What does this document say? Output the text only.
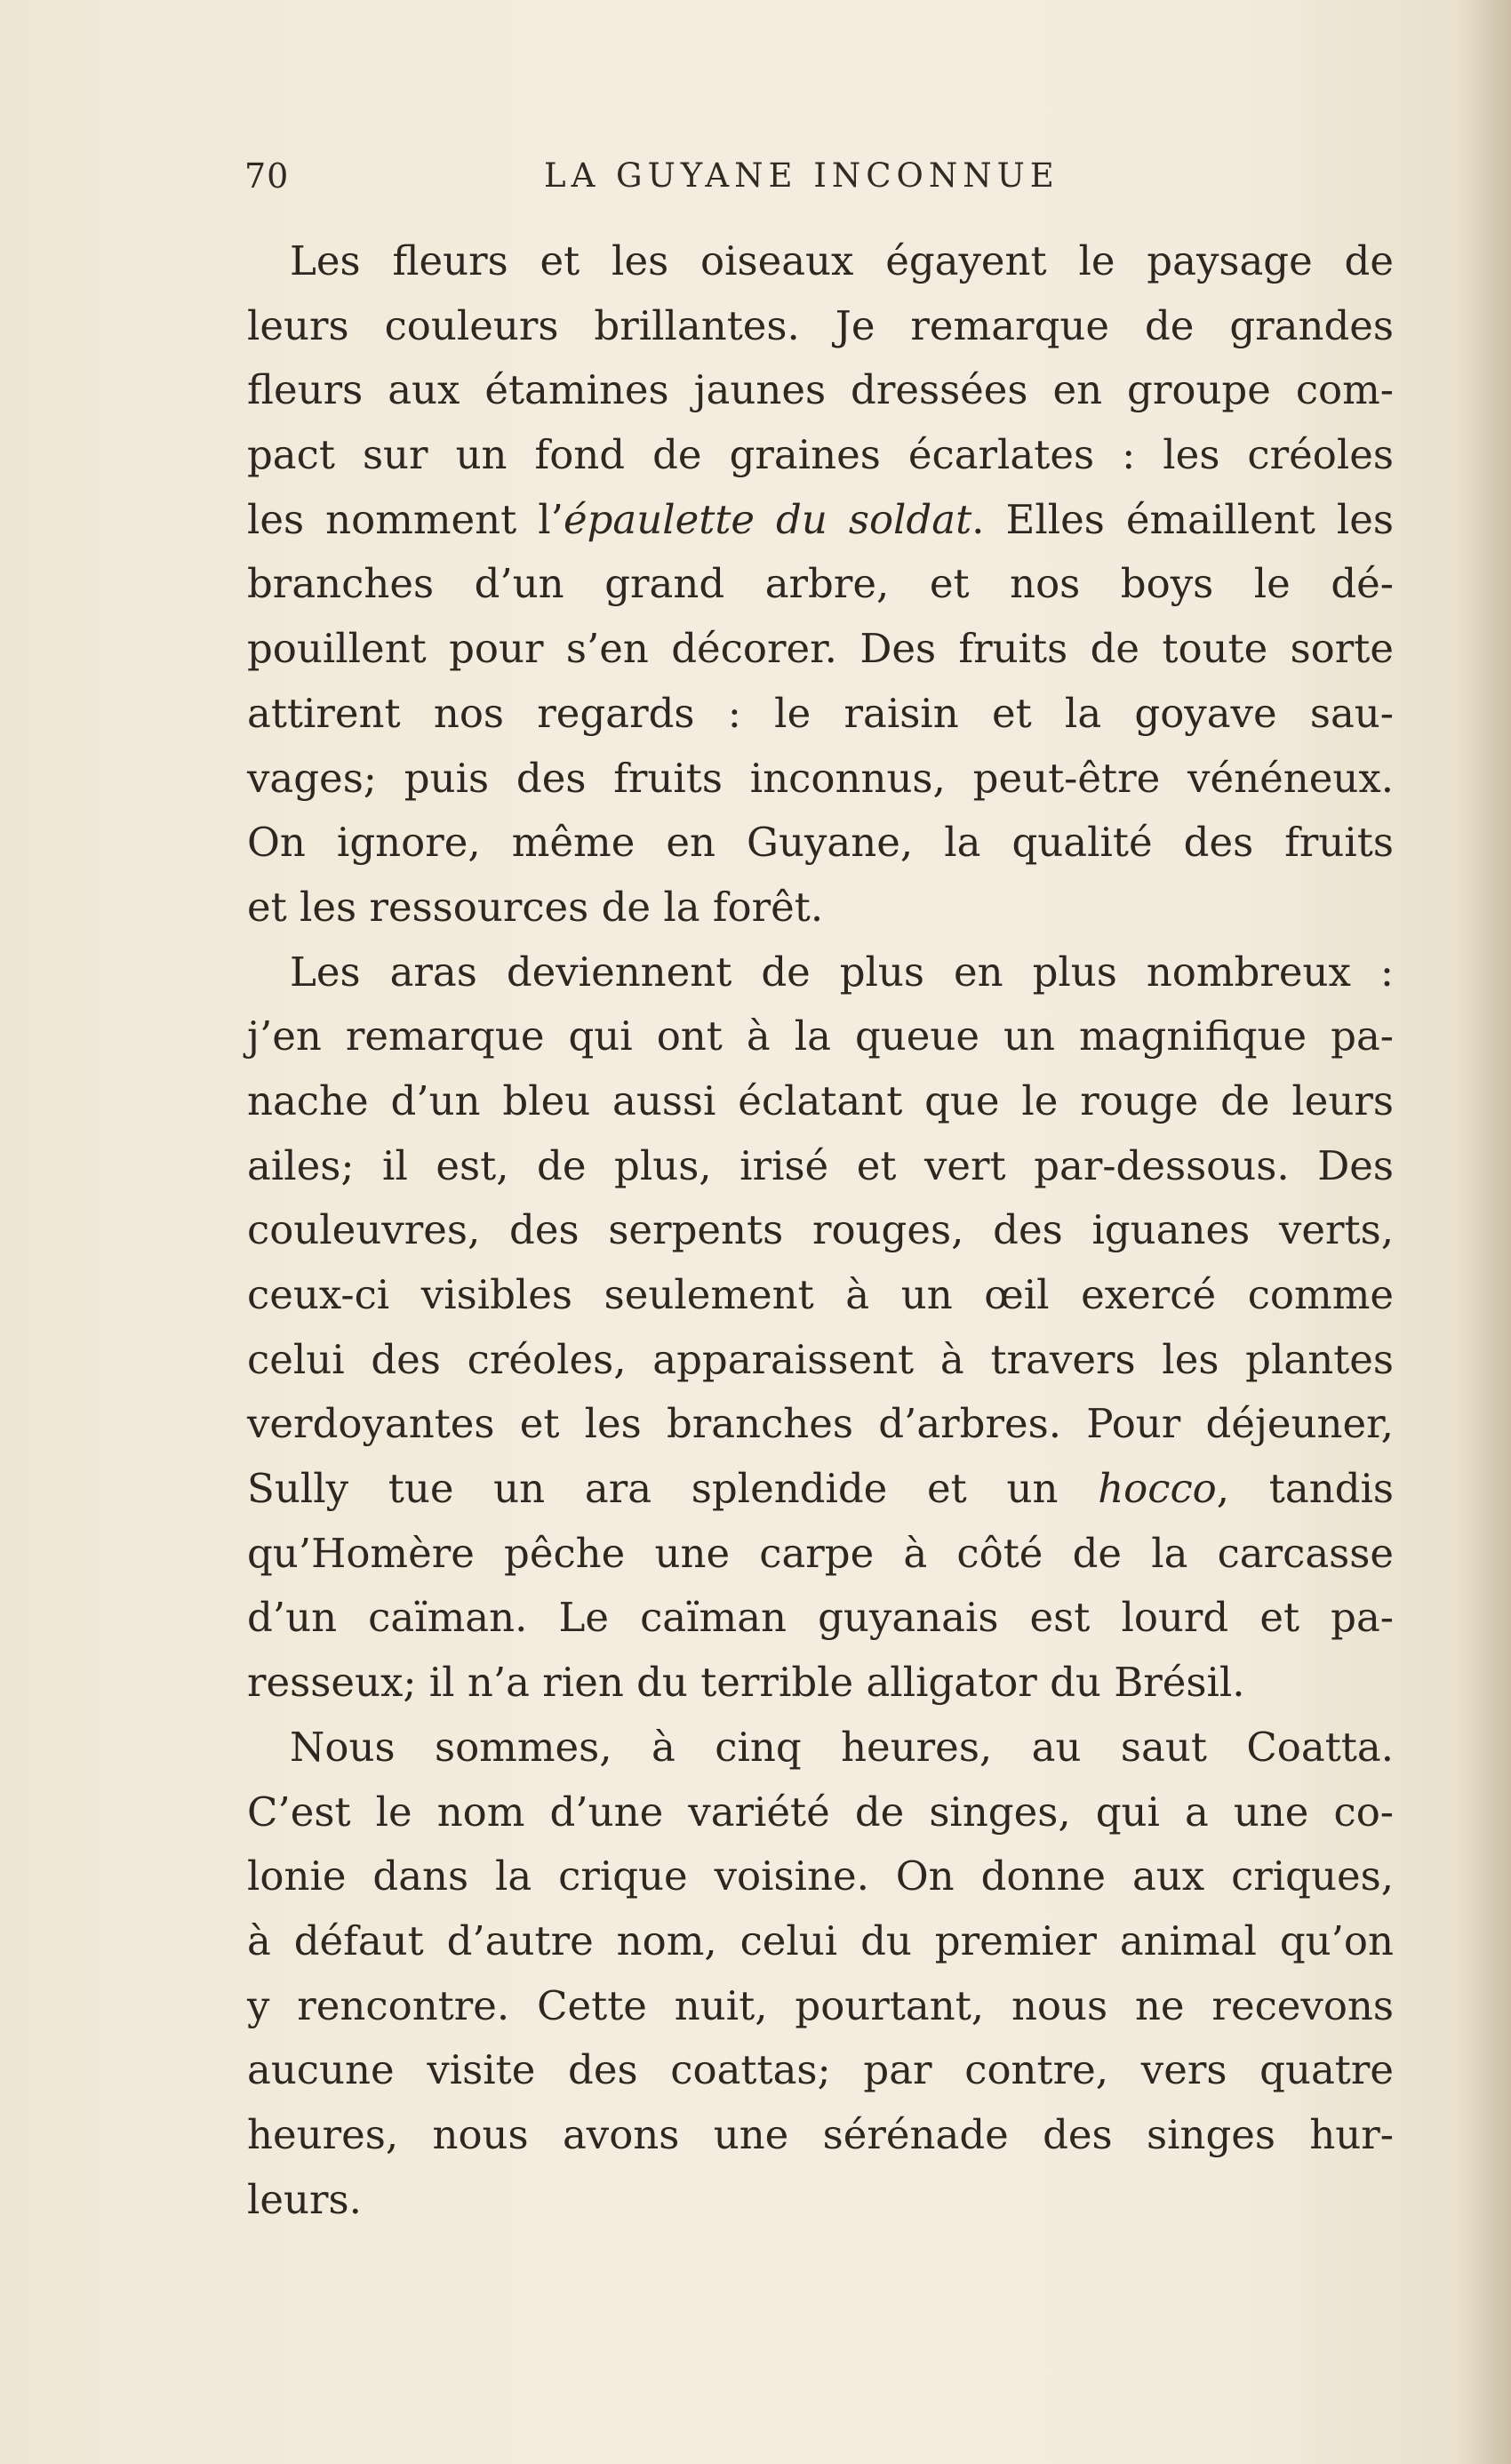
70	LA GUYANE INCONNUE
Les fleurs et les oiseaux égayent le paysage de
leurs couleurs brillantes. Je remarque de grandes
fleurs aux étamines jaunes dressées en groupe com-
pact sur un fond de graines écarlates : les créoles
les nomment l’épaulette du soldat. Elles émaillent les
branches d’un grand arbre, et nos boys le dé-
pouillent pour s’en décorer. Des fruits de toute sorte
attirent nos regards : le raisin et la goyave sau-
vages; puis des fruits inconnus, peut-être vénéneux.
On ignore, même en Guyane, la qualité des fruits
et les ressources de la forêt.
Les aras deviennent de plus en plus nombreux :
j’en remarque qui ont à la queue un magnifique pa-
nache d’un bleu aussi éclatant que le rouge de leurs
ailes; il est, de plus, irisé et vert par-dessous. Des
couleuvres, des serpents rouges, des iguanes verts,
ceux-ci visibles seulement à un œil exercé comme
celui des créoles, apparaissent à travers les plantes
verdoyantes et les branches d’arbres. Pour déjeuner,
Sully tue un ara splendide et un hocco, tandis
qu’Homère pêche une carpe à côté de la carcasse
d’un caïman. Le caïman guyanais est lourd et pa-
resseux; il n’a rien du terrible alligator du Brésil.
Nous sommes, à cinq heures, au saut Coatta.
C’est le nom d’une variété de singes, qui a une co-
lonie dans la crique voisine. On donne aux criques,
à défaut d’autre nom, celui du premier animal qu’on
y rencontre. Cette nuit, pourtant, nous ne recevons
aucune visite des coattas; par contre, vers quatre
heures, nous avons une sérénade des singes hur-
leurs.
